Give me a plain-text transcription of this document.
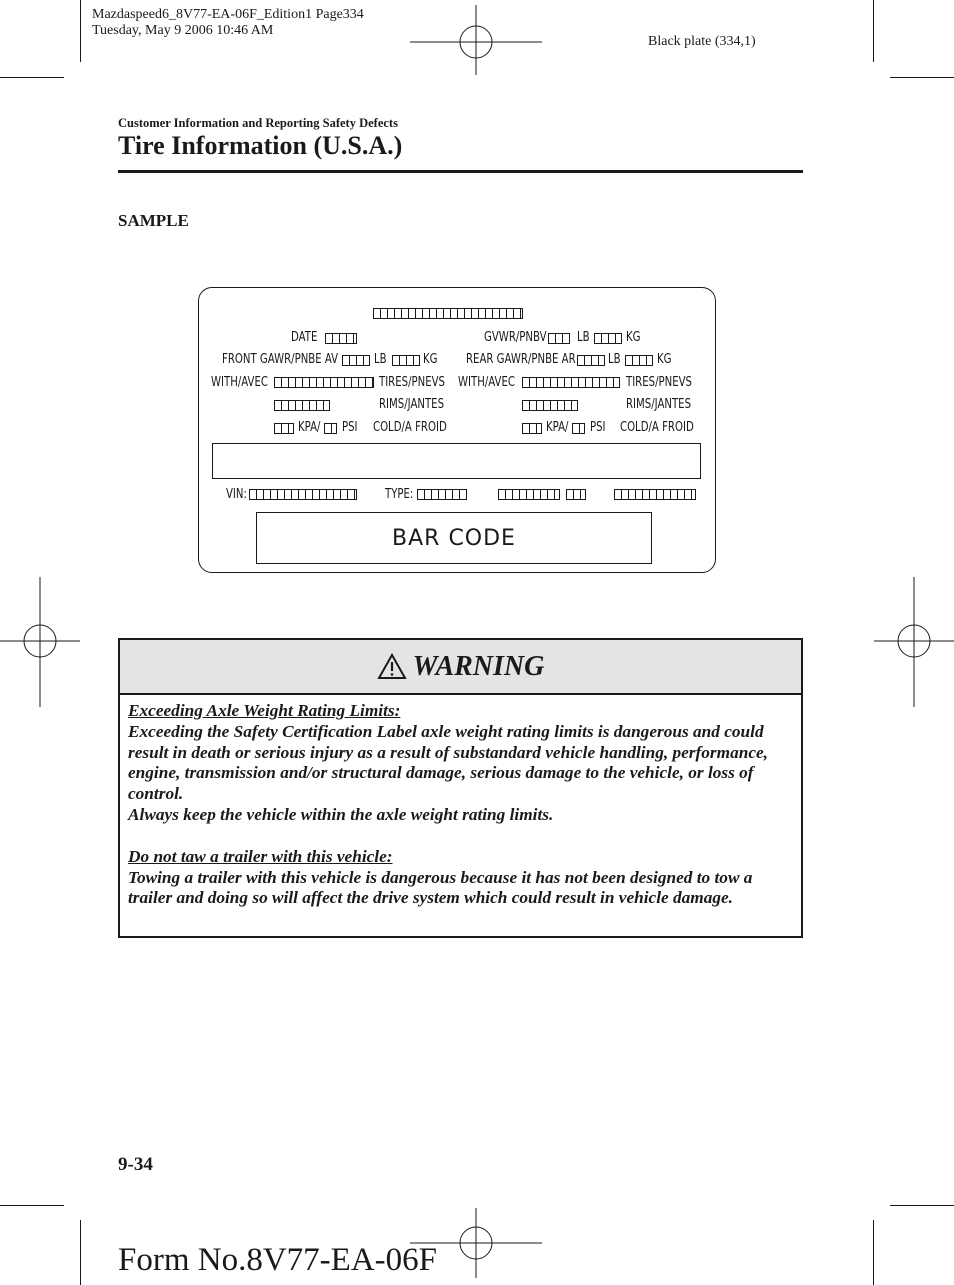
Mazdaspeed6_8V77-EA-06F_Edition1 Page334
Tuesday, May 9 2006 10:46 AM
Black plate (334,1)
Customer Information and Reporting Safety Defects
Tire Information (U.S.A.)
SAMPLE
DATE	GVWR/PNBV LB	KG
FRONT GAWR/PNBE AV	LB	KG REAR GAWR/PNBE AR LB	KG
WITH/AVEC	TIRES/PNEVS WITH/AVEC	TIRES/PNEVS
RIMS/JANTES	RIMS/JANTES
KPA/ PSI COLD/A FROID	KPA/ PSI COLD/A FROID
VIN:	TYPE:
BAR CODE
WARNING

Exceeding Axle Weight Rating Limits:

Exceeding the Safety Certification Label axle weight rating limits is dangerous and could result in death or serious injury as a result of substandard vehicle handling, performance, engine, transmission and/or structural damage, serious damage to the vehicle, or loss of control.

Always keep the vehicle within the axle weight rating limits.

Do not taw a trailer with this vehicle:

Towing a trailer with this vehicle is dangerous because it has not been designed to tow a trailer and doing so will affect the drive system which could result in vehicle damage.

9-34
Form No.8V77-EA-06F
